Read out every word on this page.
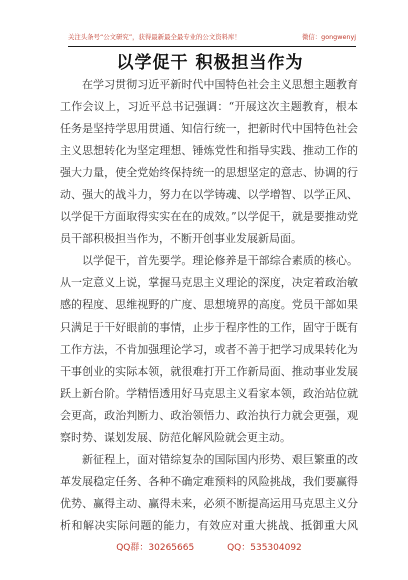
关注头条号“公文研究”，获得最新最全最专业的公文资料库！	微信：gongwenyj
以学促干 积极担当作为

在学习贯彻习近平新时代中国特色社会主义思想主题教育工作会议上，习近平总书记强调：“开展这次主题教育，根本任务是坚持学思用贯通、知信行统一，把新时代中国特色社会主义思想转化为坚定理想、锤炼党性和指导实践、推动工作的强大力量，使全党始终保持统一的思想坚定的意志、协调的行动、强大的战斗力，努力在以学铸魂、以学增智、以学正风、以学促干方面取得实实在在的成效。”以学促干，就是要推动党员干部积极担当作为，不断开创事业发展新局面。

以学促干，首先要学。理论修养是干部综合素质的核心。从一定意义上说，掌握马克思主义理论的深度，决定着政治敏感的程度、思维视野的广度、思想境界的高度。党员干部如果只满足于干好眼前的事情，止步于程序性的工作，固守于既有工作方法，不肯加强理论学习，或者不善于把学习成果转化为干事创业的实际本领，就很难打开工作新局面、推动事业发展跃上新台阶。学精悟透用好马克思主义看家本领，政治站位就会更高，政治判断力、政治领悟力、政治执行力就会更强，观察时势、谋划发展、防范化解风险就会更主动。

新征程上，面对错综复杂的国际国内形势、艰巨繁重的改革发展稳定任务、各种不确定难预料的风险挑战，我们要赢得优势、赢得主动、赢得未来，必须不断提高运用马克思主义分析和解决实际问题的能力，有效应对重大挑战、抵御重大风

QQ群：30265665	QQ：535304092
